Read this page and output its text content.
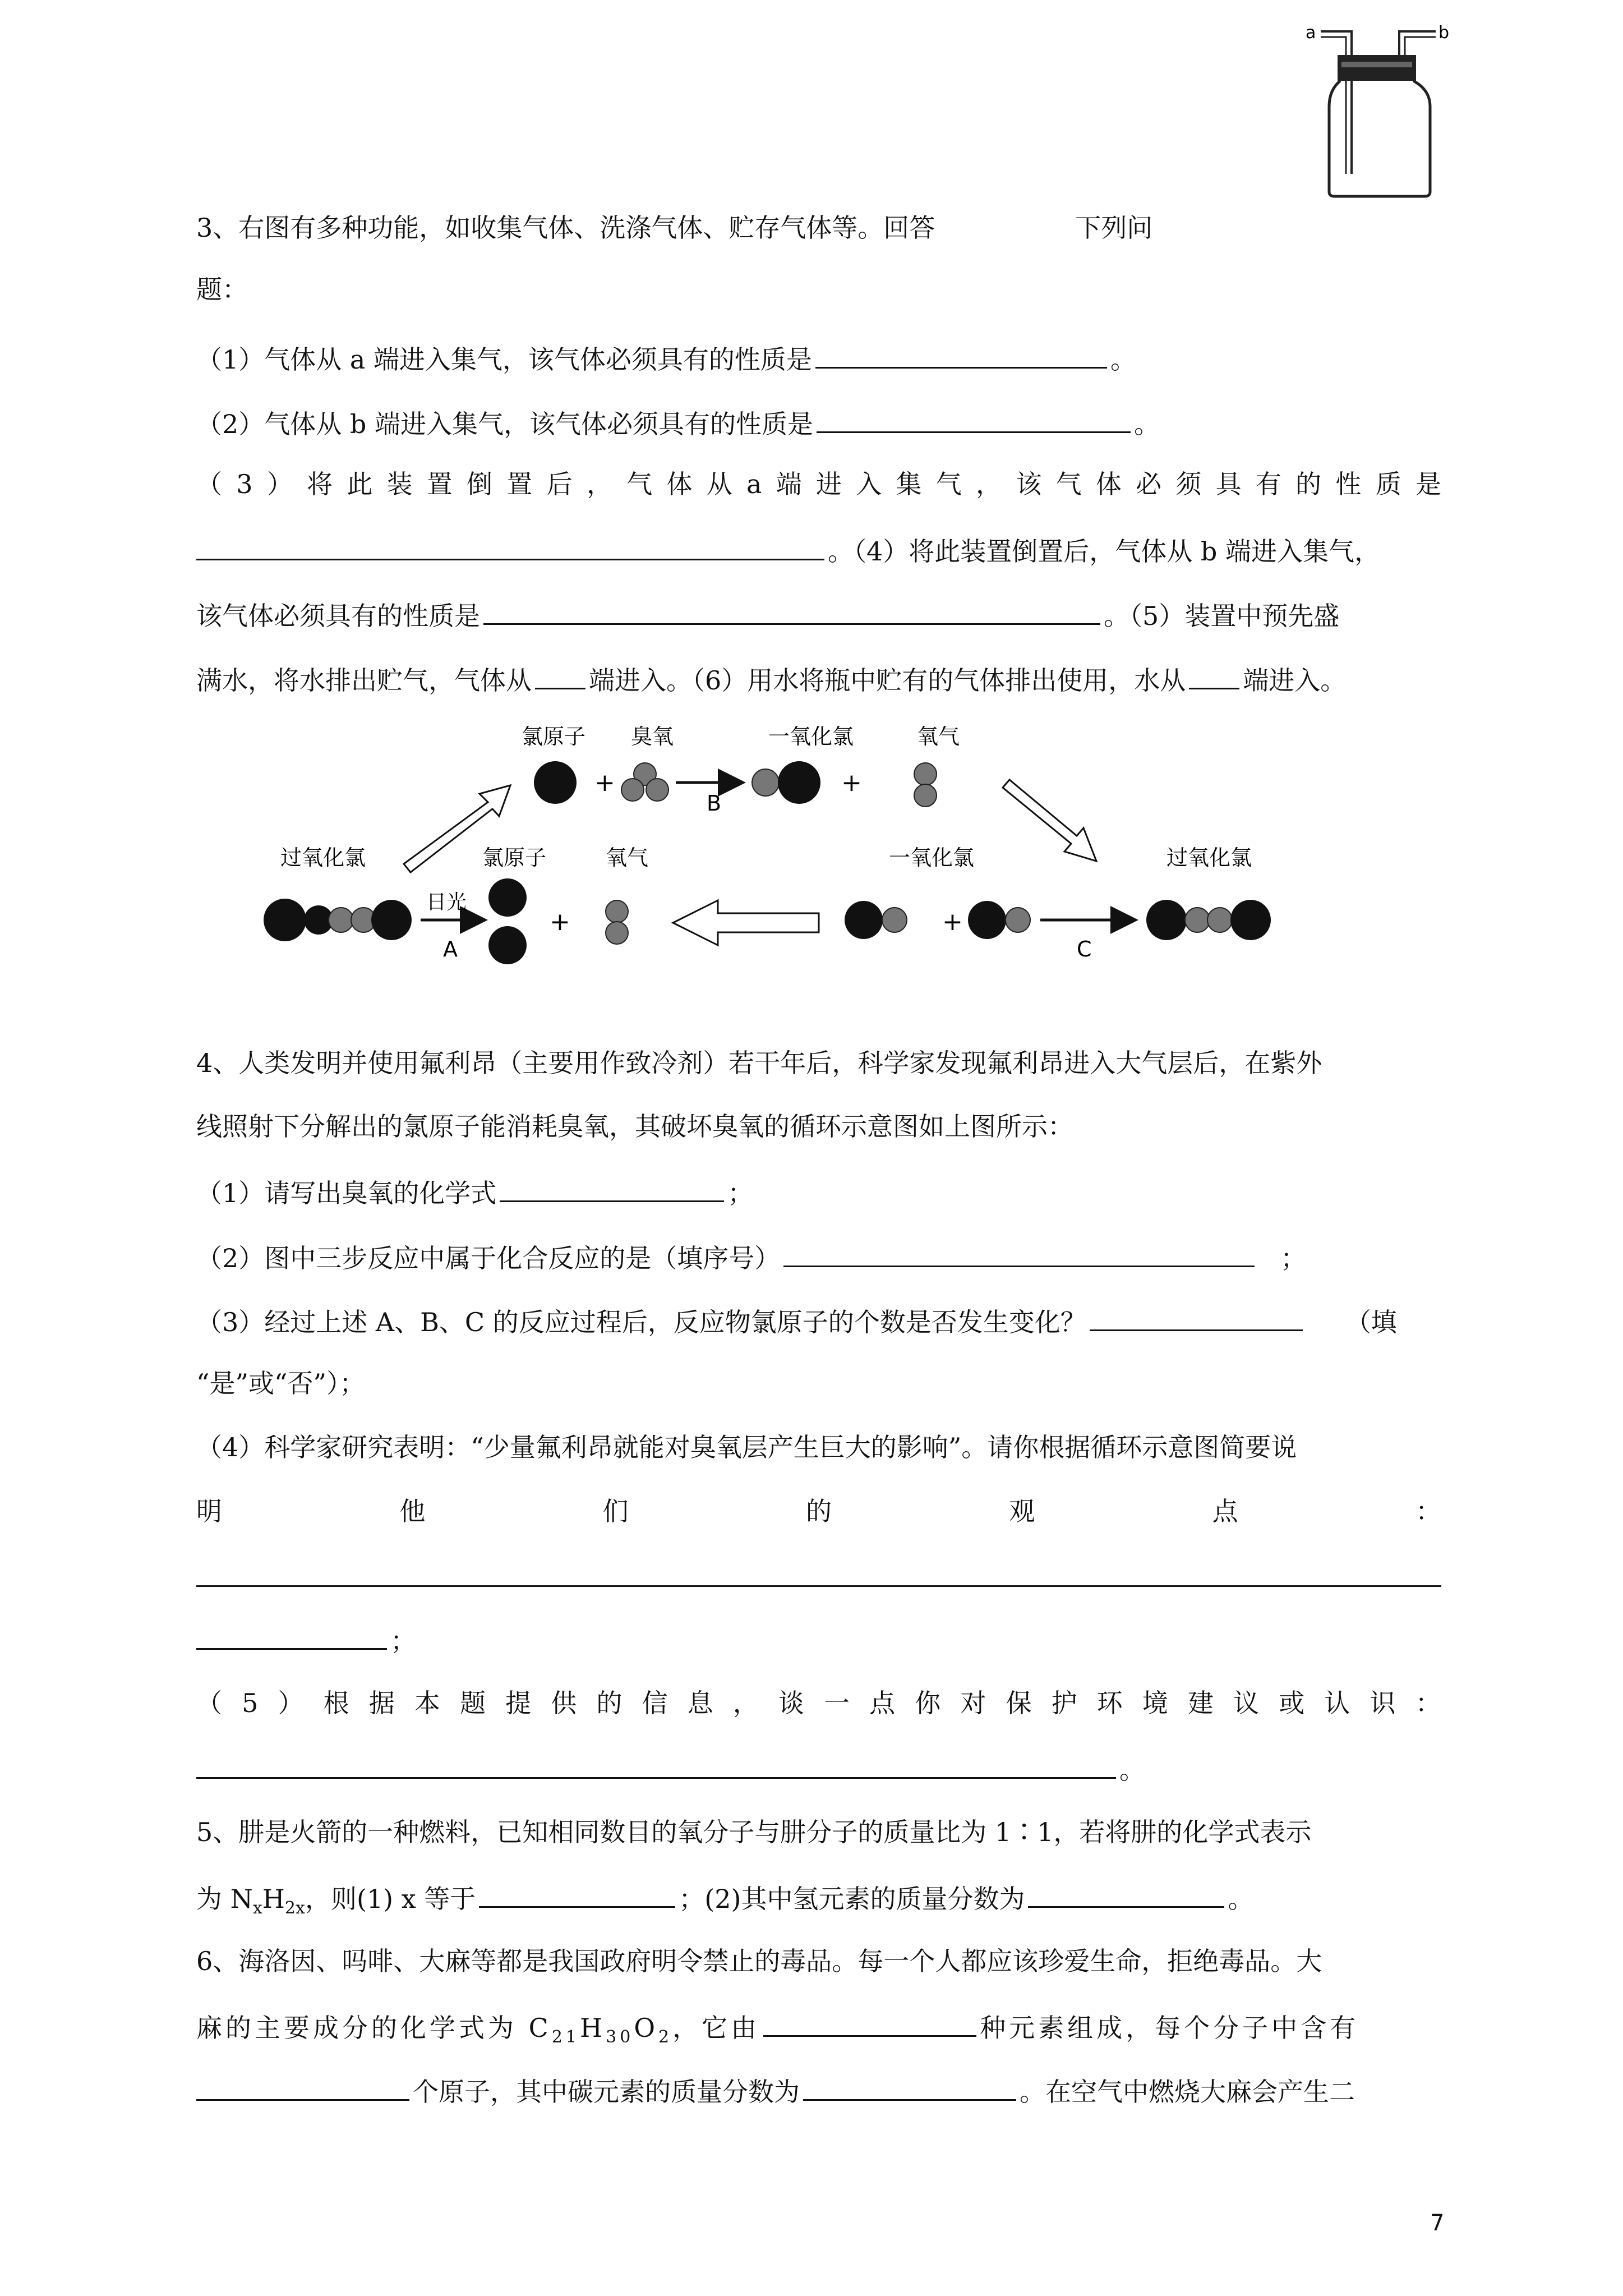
a	b
3、右图有多种功能，如收集气体、洗涤气体、贮存气体等。回答	下列问
题：
（1）气体从 a 端进入集气，该气体必须具有的性质是	。
（2）气体从 b 端进入集气，该气体必须具有的性质是	。
（ 3 ） 将 此 装 置 倒 置 后 ， 气 体 从 a 端 进 入 集 气 ， 该 气 体 必 须 具 有 的 性 质 是
。（4）将此装置倒置后，气体从 b 端进入集气，
该气体必须具有的性质是	。（5）装置中预先盛
满水，将水排出贮气，气体从 端进入。（6）用水将瓶中贮有的气体排出使用，水从 端进入。
氯原子 臭氧	一氧化氯	氧气
+
B
+
过氧化氯	氯原子	氧气	一氧化氯	过氧化氯
日光
A
+	+
C
4、人类发明并使用氟利昂（主要用作致冷剂）若干年后，科学家发现氟利昂进入大气层后，在紫外
线照射下分解出的氯原子能消耗臭氧，其破坏臭氧的循环示意图如上图所示：
（1）请写出臭氧的化学式	；
（2）图中三步反应中属于化合反应的是（填序号）	；
（3）经过上述 A、B、C 的反应过程后，反应物氯原子的个数是否发生变化？	（填
“是”或“否”）；
（4）科学家研究表明：“少量氟利昂就能对臭氧层产生巨大的影响”。请你根据循环示意图简要说
明	他	们	的	观	点	：
；
（ 5 ） 根 据 本 题 提 供 的 信 息 ， 谈 一 点 你 对 保 护 环 境 建 议 或 认 识 ：
。
5、肼是火箭的一种燃料，已知相同数目的氧分子与肼分子的质量比为 1∶1，若将肼的化学式表示
为 $N_xH_{2x}$，则(1) x 等于	；(2)其中氢元素的质量分数为	。
6、海洛因、吗啡、大麻等都是我国政府明令禁止的毒品。每一个人都应该珍爱生命，拒绝毒品。大
麻的主要成分的化学式为 $C_{21}H_{30}O_2$，它由	种元素组成，每个分子中含有
个原子，其中碳元素的质量分数为	。在空气中燃烧大麻会产生二
7
